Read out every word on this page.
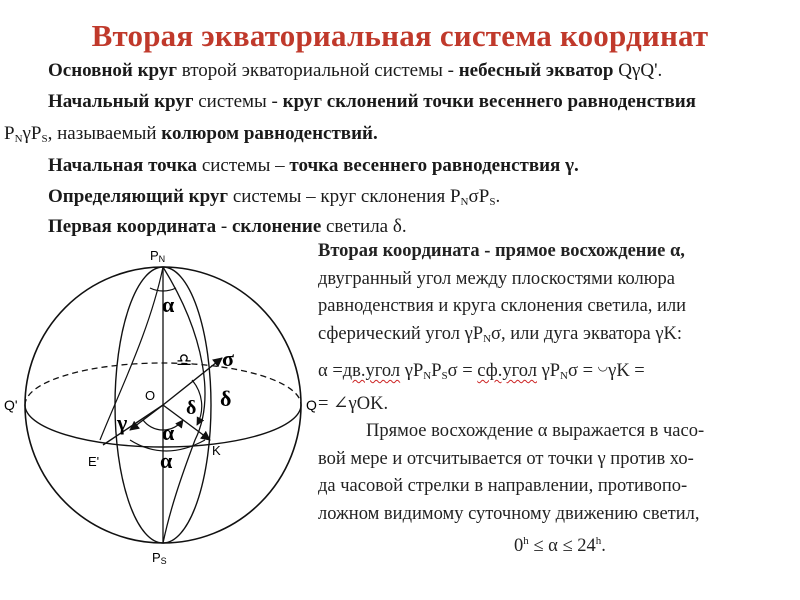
Вторая экваториальная система координат
Основной круг второй экваториальной системы - небесный экватор QγQ'.
Начальный круг системы - круг склонений точки весеннего равноденствия
$P_N\gamma P_S$, называемый колюром равноденствий.
Начальная точка системы – точка весеннего равноденствия γ.
Определяющий круг системы – круг склонения $P_N\sigma P_S$.
Первая координата - склонение светила δ.
Вторая координата - прямое восхождение α,
двугранный угол между плоскостями колюра
равноденствия и круга склонения светила, или
сферический угол $\gamma P_N\sigma$, или дуга экватора γK:
α =дв.угол $\gamma P_NP_S\sigma$ = сф.угол $\gamma P_N\sigma = ^◡\gamma K$ =
= ∠γOK.
Прямое восхождение α выражается в часо-
вой мере и отсчитывается от точки γ против хо-
да часовой стрелки в направлении, противопо-
ложном видимому суточному движению светил,
$0^h \le \alpha \le 24^h$.
PN
PS
Q'	Q
O
E'
K
α
α
α
γ
σ
δ δ
♎
